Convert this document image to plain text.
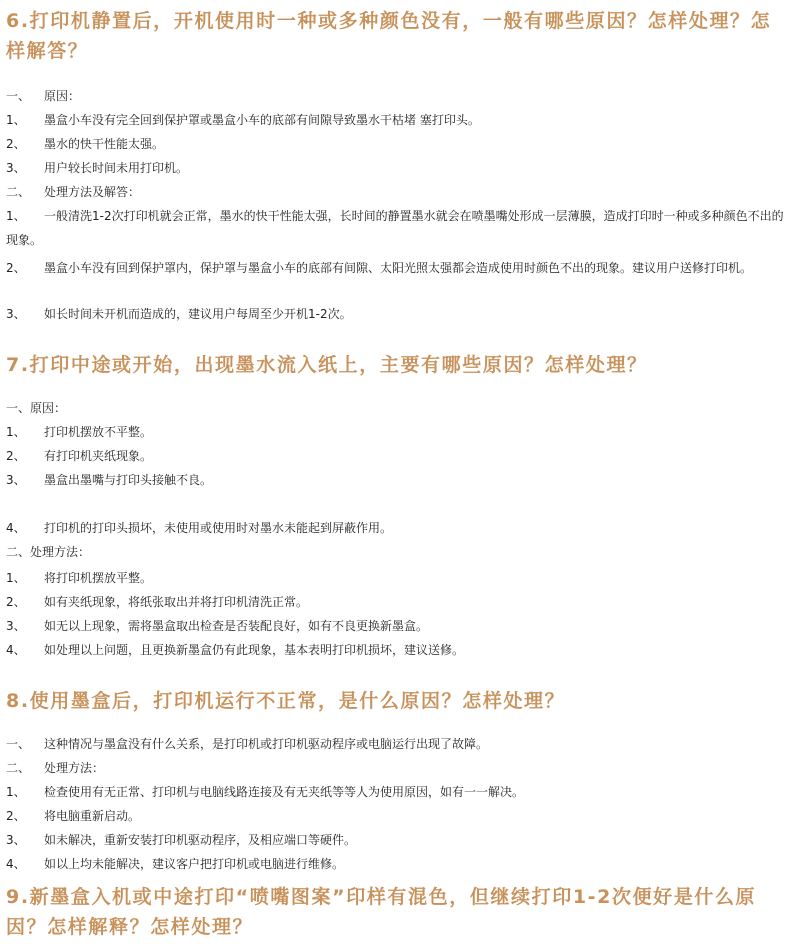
6.打印机静置后，开机使用时一种或多种颜色没有，一般有哪些原因？怎样处理？怎样解答？

一、 原因：

1、 墨盒小车没有完全回到保护罩或墨盒小车的底部有间隙导致墨水干枯堵 塞打印头。

2、 墨水的快干性能太强。

3、 用户较长时间未用打印机。

二、 处理方法及解答：

1、 一般清洗1-2次打印机就会正常，墨水的快干性能太强，长时间的静置墨水就会在喷墨嘴处形成一层薄膜，造成打印时一种或多种颜色不出的现象。

2、 墨盒小车没有回到保护罩内，保护罩与墨盒小车的底部有间隙、太阳光照太强都会造成使用时颜色不出的现象。建议用户送修打印机。

3、 如长时间未开机而造成的，建议用户每周至少开机1-2次。

7.打印中途或开始，出现墨水流入纸上，主要有哪些原因？怎样处理？

一、原因：

1、 打印机摆放不平整。

2、 有打印机夹纸现象。

3、 墨盒出墨嘴与打印头接触不良。

4、 打印机的打印头损坏，未使用或使用时对墨水未能起到屏蔽作用。

二、处理方法：

1、 将打印机摆放平整。

2、 如有夹纸现象，将纸张取出并将打印机清洗正常。

3、 如无以上现象，需将墨盒取出检查是否装配良好，如有不良更换新墨盒。

4、 如处理以上问题，且更换新墨盒仍有此现象，基本表明打印机损坏，建议送修。

8.使用墨盒后，打印机运行不正常，是什么原因？怎样处理？

一、 这种情况与墨盒没有什么关系，是打印机或打印机驱动程序或电脑运行出现了故障。

二、 处理方法：

1、 检查使用有无正常、打印机与电脑线路连接及有无夹纸等等人为使用原因，如有一一解决。

2、 将电脑重新启动。

3、 如未解决，重新安装打印机驱动程序，及相应端口等硬件。

4、 如以上均未能解决，建议客户把打印机或电脑进行维修。

9.新墨盒入机或中途打印“喷嘴图案”印样有混色，但继续打印1-2次便好是什么原因？怎样解释？怎样处理？
